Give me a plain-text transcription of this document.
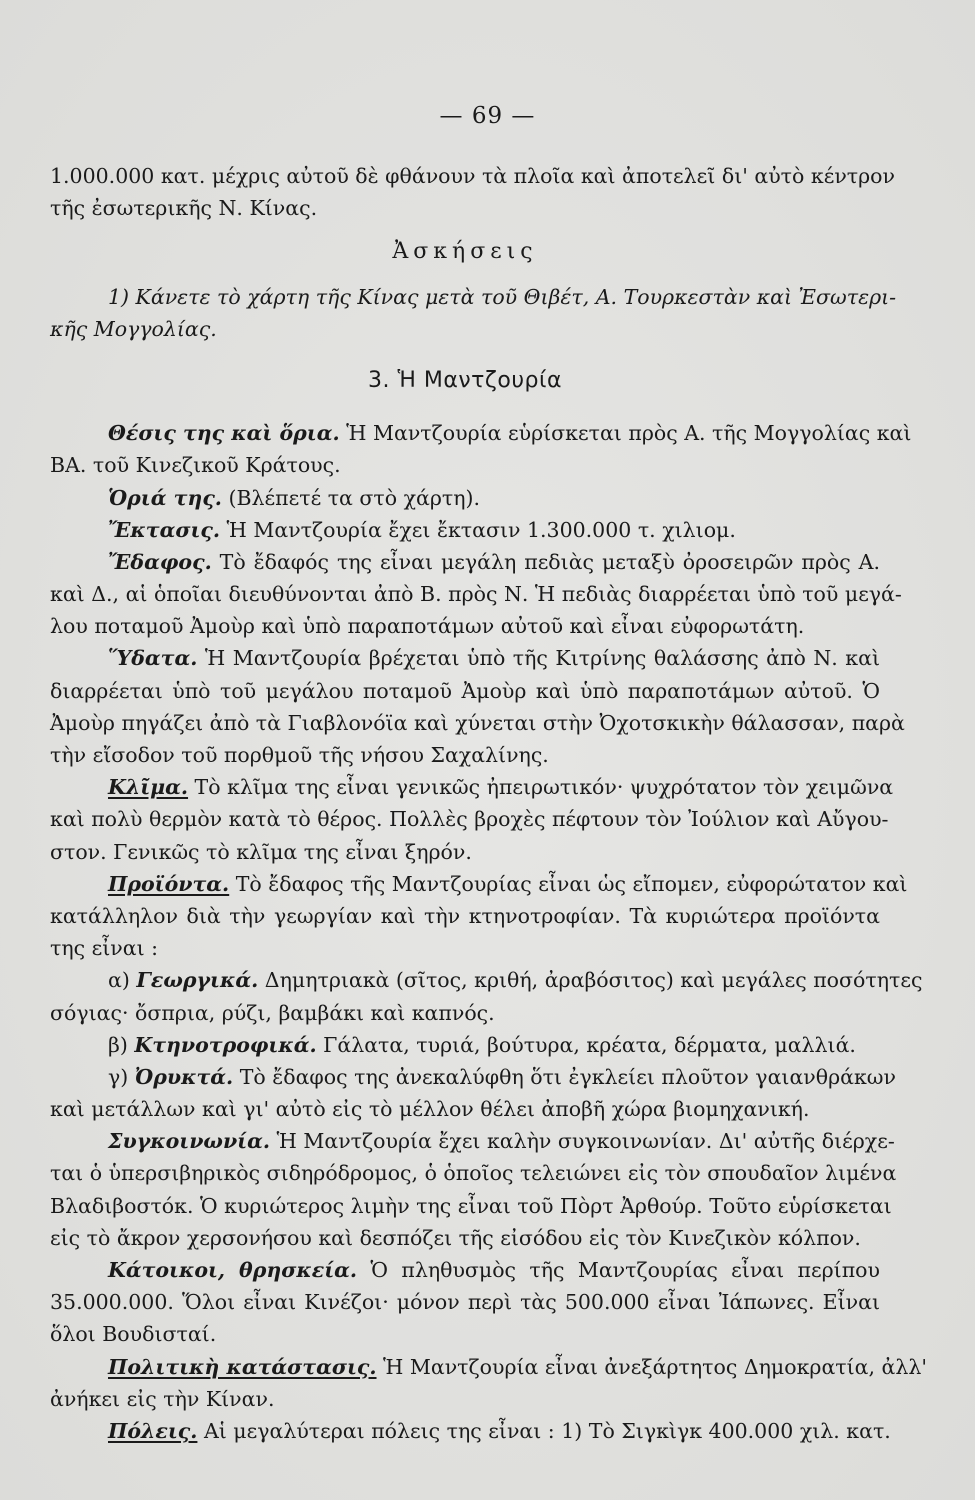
— 69 —
1.000.000 κατ. μέχρις αὐτοῦ δὲ φθάνουν τὰ πλοῖα καὶ ἀποτελεῖ δι' αὐτὸ κέντρον
τῆς ἐσωτερικῆς Ν. Κίνας.
Ἀσκήσεις
1) Κάνετε τὸ χάρτη τῆς Κίνας μετὰ τοῦ Θιβέτ, Α. Τουρκεστὰν καὶ Ἐσωτερι-
κῆς Μογγολίας.
3. Ἡ Μαντζουρία
Θέσις της καὶ ὅρια. Ἡ Μαντζουρία εὑρίσκεται πρὸς Α. τῆς Μογγολίας καὶ
ΒΑ. τοῦ Κινεζικοῦ Κράτους.
Ὁριά της. (Βλέπετέ τα στὸ χάρτη).
Ἔκτασις. Ἡ Μαντζουρία ἔχει ἔκτασιν 1.300.000 τ. χιλιομ.
Ἔδαφος. Τὸ ἔδαφός της εἶναι μεγάλη πεδιὰς μεταξὺ ὀροσειρῶν πρὸς Α.
καὶ Δ., αἱ ὁποῖαι διευθύνονται ἀπὸ Β. πρὸς Ν. Ἡ πεδιὰς διαρρέεται ὑπὸ τοῦ μεγά-
λου ποταμοῦ Ἀμοὺρ καὶ ὑπὸ παραποτάμων αὐτοῦ καὶ εἶναι εὐφορωτάτη.
Ὕδατα. Ἡ Μαντζουρία βρέχεται ὑπὸ τῆς Κιτρίνης θαλάσσης ἀπὸ Ν. καὶ
διαρρέεται ὑπὸ τοῦ μεγάλου ποταμοῦ Ἀμοὺρ καὶ ὑπὸ παραποτάμων αὐτοῦ. Ὁ
Ἀμοὺρ πηγάζει ἀπὸ τὰ Γιαβλονόϊα καὶ χύνεται στὴν Ὀχοτσκικὴν θάλασσαν, παρὰ
τὴν εἴσοδον τοῦ πορθμοῦ τῆς νήσου Σαχαλίνης.
Κλῖμα. Τὸ κλῖμα της εἶναι γενικῶς ἠπειρωτικόν· ψυχρότατον τὸν χειμῶνα
καὶ πολὺ θερμὸν κατὰ τὸ θέρος. Πολλὲς βροχὲς πέφτουν τὸν Ἰούλιον καὶ Αὔγου-
στον. Γενικῶς τὸ κλῖμα της εἶναι ξηρόν.
Προϊόντα. Τὸ ἔδαφος τῆς Μαντζουρίας εἶναι ὡς εἴπομεν, εὐφορώτατον καὶ
κατάλληλον διὰ τὴν γεωργίαν καὶ τὴν κτηνοτροφίαν. Τὰ κυριώτερα προϊόντα
της εἶναι :
α) Γεωργικά. Δημητριακὰ (σῖτος, κριθή, ἀραβόσιτος) καὶ μεγάλες ποσότητες
σόγιας· ὄσπρια, ρύζι, βαμβάκι καὶ καπνός.
β) Κτηνοτροφικά. Γάλατα, τυριά, βούτυρα, κρέατα, δέρματα, μαλλιά.
γ) Ὀρυκτά. Τὸ ἔδαφος της ἀνεκαλύφθη ὅτι ἐγκλείει πλοῦτον γαιανθράκων
καὶ μετάλλων καὶ γι' αὐτὸ εἰς τὸ μέλλον θέλει ἀποβῆ χώρα βιομηχανική.
Συγκοινωνία. Ἡ Μαντζουρία ἔχει καλὴν συγκοινωνίαν. Δι' αὐτῆς διέρχε-
ται ὁ ὑπερσιβηρικὸς σιδηρόδρομος, ὁ ὁποῖος τελειώνει εἰς τὸν σπουδαῖον λιμένα
Βλαδιβοστόκ. Ὁ κυριώτερος λιμὴν της εἶναι τοῦ Πὸρτ Ἀρθούρ. Τοῦτο εὑρίσκεται
εἰς τὸ ἄκρον χερσονήσου καὶ δεσπόζει τῆς εἰσόδου εἰς τὸν Κινεζικὸν κόλπον.
Κάτοικοι, θρησκεία. Ὁ πληθυσμὸς τῆς Μαντζουρίας εἶναι περίπου
35.000.000. Ὅλοι εἶναι Κινέζοι· μόνον περὶ τὰς 500.000 εἶναι Ἰάπωνες. Εἶναι
ὅλοι Βουδισταί.
Πολιτικὴ κατάστασις. Ἡ Μαντζουρία εἶναι ἀνεξάρτητος Δημοκρατία, ἀλλ'
ἀνήκει εἰς τὴν Κίναν.
Πόλεις. Αἱ μεγαλύτεραι πόλεις της εἶναι : 1) Τὸ Σιγκὶγκ 400.000 χιλ. κατ.
